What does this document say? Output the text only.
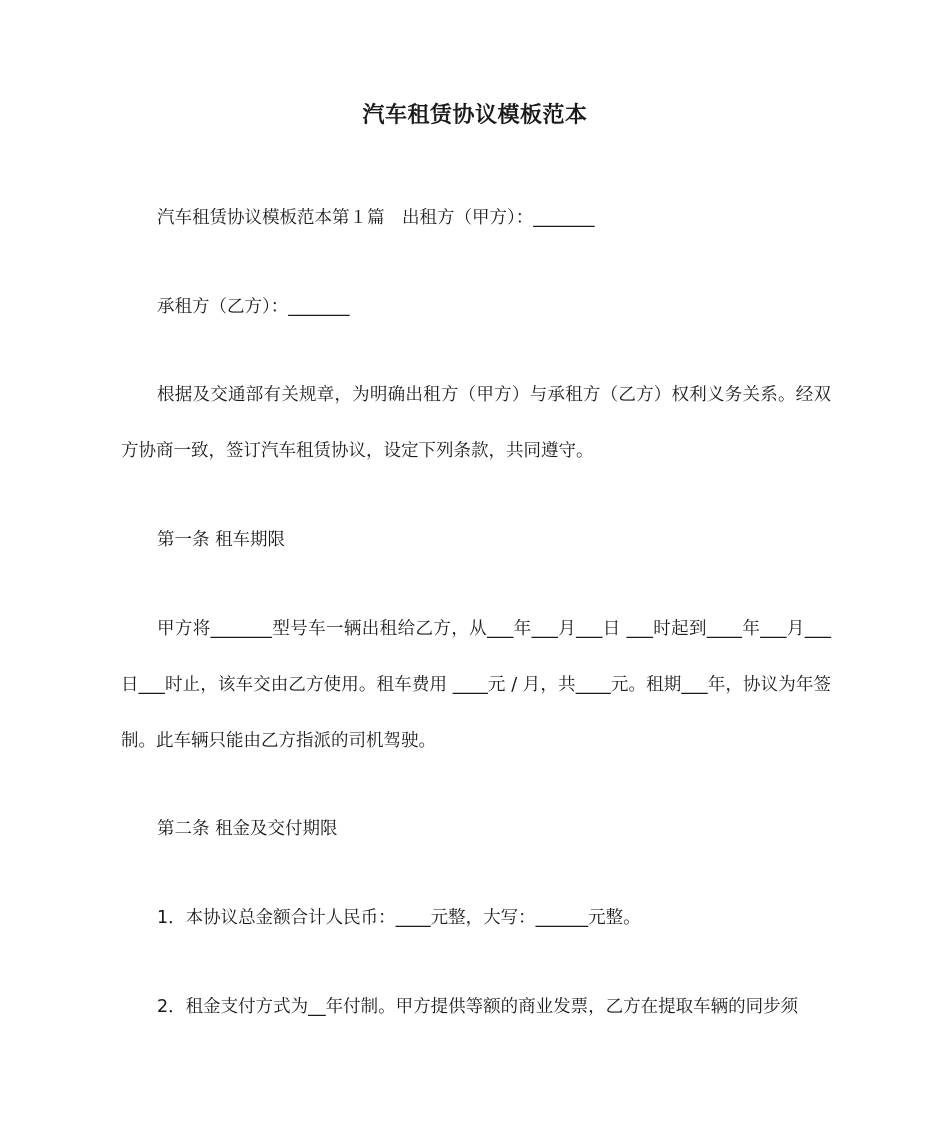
汽车租赁协议模板范本

汽车租赁协议模板范本第１篇　出租方（甲方）：_______

承租方（乙方）：_______

根据及交通部有关规章，为明确出租方（甲方）与承租方（乙方）权利义务关系。经双方协商一致，签订汽车租赁协议，设定下列条款，共同遵守。

第一条 租车期限

甲方将_______型号车一辆出租给乙方，从___年___月___日 ___时起到____年___月___日___时止，该车交由乙方使用。租车费用 ____元 / 月，共____元。租期___年，协议为年签制。此车辆只能由乙方指派的司机驾驶。

第二条 租金及交付期限

1．本协议总金额合计人民币：____元整，大写：______元整。

2．租金支付方式为__年付制。甲方提供等额的商业发票，乙方在提取车辆的同步须
